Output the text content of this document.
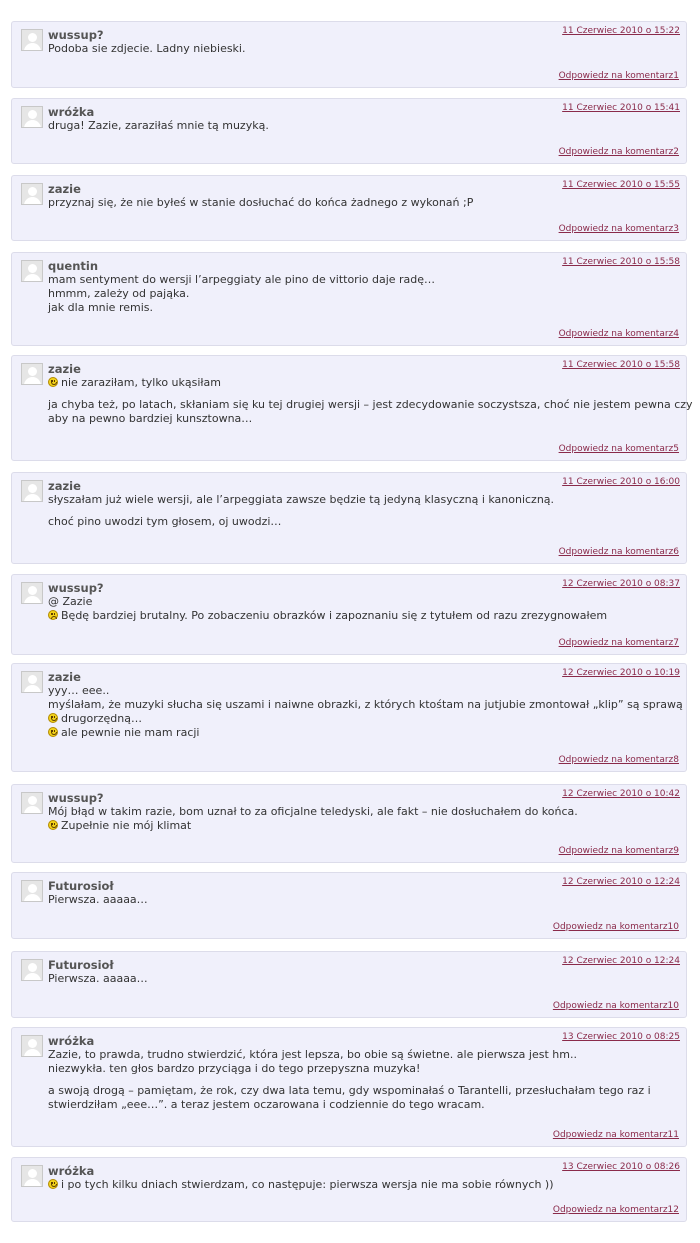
wussup?	11 Czerwiec 2010 o 15:22

Podoba sie zdjecie. Ladny niebieski.

Odpowiedz na komentarz1
wróżka	11 Czerwiec 2010 o 15:41

druga! Zazie, zaraziłaś mnie tą muzyką.

Odpowiedz na komentarz2
zazie	11 Czerwiec 2010 o 15:55

przyznaj się, że nie byłeś w stanie dosłuchać do końca żadnego z wykonań ;P

Odpowiedz na komentarz3
quentin	11 Czerwiec 2010 o 15:58

mam sentyment do wersji l’arpeggiaty ale pino de vittorio daje radę…

hmmm, zależy od pająka.

jak dla mnie remis.

Odpowiedz na komentarz4
zazie	11 Czerwiec 2010 o 15:58

nie zaraziłam, tylko ukąsiłam

ja chyba też, po latach, skłaniam się ku tej drugiej wersji – jest zdecydowanie soczystsza, choć nie jestem pewna czy

aby na pewno bardziej kunsztowna…

Odpowiedz na komentarz5
zazie	11 Czerwiec 2010 o 16:00

słyszałam już wiele wersji, ale l’arpeggiata zawsze będzie tą jedyną klasyczną i kanoniczną.

choć pino uwodzi tym głosem, oj uwodzi…

Odpowiedz na komentarz6
wussup?	12 Czerwiec 2010 o 08:37

@ Zazie

Będę bardziej brutalny. Po zobaczeniu obrazków i zapoznaniu się z tytułem od razu zrezygnowałem

Odpowiedz na komentarz7
zazie	12 Czerwiec 2010 o 10:19

yyy… eee..

myślałam, że muzyki słucha się uszami i naiwne obrazki, z których ktośtam na jutjubie zmontował „klip” są sprawą

drugorzędną…

ale pewnie nie mam racji

Odpowiedz na komentarz8
wussup?	12 Czerwiec 2010 o 10:42

Mój błąd w takim razie, bom uznał to za oficjalne teledyski, ale fakt – nie dosłuchałem do końca.

Zupełnie nie mój klimat

Odpowiedz na komentarz9
Futurosioł	12 Czerwiec 2010 o 12:24

Pierwsza. aaaaa…

Odpowiedz na komentarz10
Futurosioł	12 Czerwiec 2010 o 12:24

Pierwsza. aaaaa…

Odpowiedz na komentarz10
wróżka	13 Czerwiec 2010 o 08:25

Zazie, to prawda, trudno stwierdzić, która jest lepsza, bo obie są świetne. ale pierwsza jest hm..

niezwykła. ten głos bardzo przyciąga i do tego przepyszna muzyka!

a swoją drogą – pamiętam, że rok, czy dwa lata temu, gdy wspominałaś o Tarantelli, przesłuchałam tego raz i

stwierdziłam „eee…”. a teraz jestem oczarowana i codziennie do tego wracam.

Odpowiedz na komentarz11
wróżka	13 Czerwiec 2010 o 08:26

i po tych kilku dniach stwierdzam, co następuje: pierwsza wersja nie ma sobie równych ))

Odpowiedz na komentarz12
